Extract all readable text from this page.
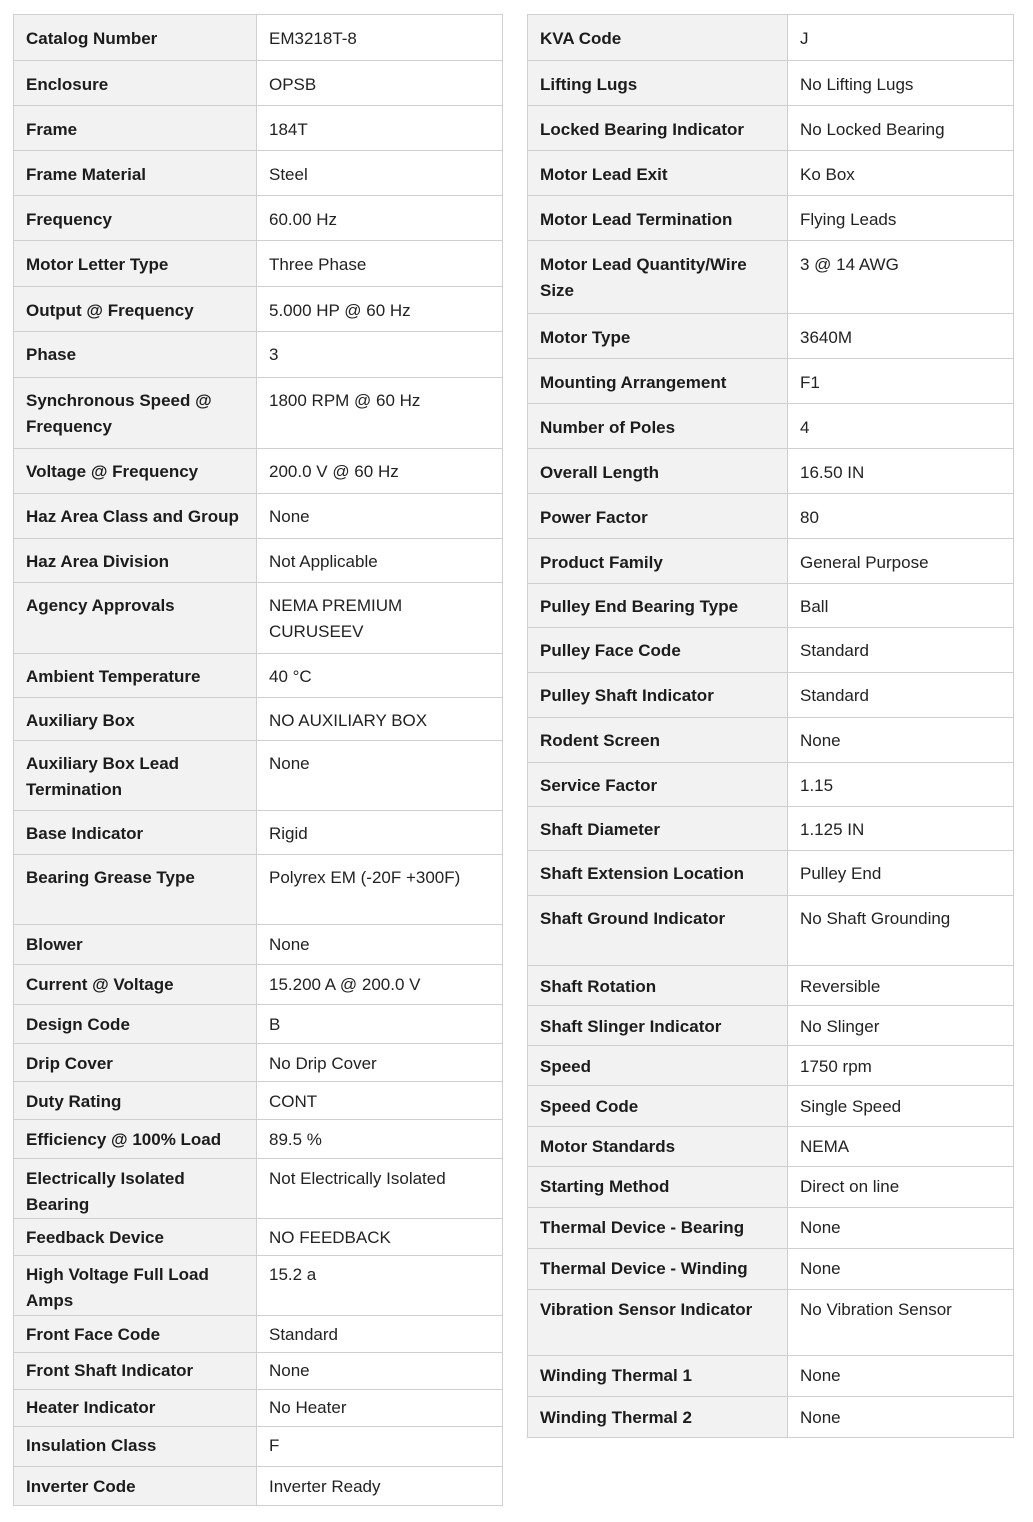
Catalog Number	EM3218T-8

Enclosure	OPSB

Frame	184T

Frame Material	Steel

Frequency	60.00 Hz

Motor Letter Type	Three Phase

Output @ Frequency	5.000 HP @ 60 Hz

Phase	3

Synchronous Speed @ Frequency	1800 RPM @ 60 Hz

Voltage @ Frequency	200.0 V @ 60 Hz

Haz Area Class and Group	None

Haz Area Division	Not Applicable

Agency Approvals	NEMA PREMIUM CURUSEEV

Ambient Temperature	40 °C

Auxiliary Box	NO AUXILIARY BOX

Auxiliary Box Lead Termination	None

Base Indicator	Rigid

Bearing Grease Type	Polyrex EM (-20F +300F)

Blower	None

Current @ Voltage	15.200 A @ 200.0 V

Design Code	B

Drip Cover	No Drip Cover

Duty Rating	CONT

Efficiency @ 100% Load	89.5 %

Electrically Isolated Bearing	Not Electrically Isolated

Feedback Device	NO FEEDBACK

High Voltage Full Load Amps	15.2 a

Front Face Code	Standard

Front Shaft Indicator	None

Heater Indicator	No Heater

Insulation Class	F

Inverter Code	Inverter Ready
KVA Code	J

Lifting Lugs	No Lifting Lugs

Locked Bearing Indicator	No Locked Bearing

Motor Lead Exit	Ko Box

Motor Lead Termination	Flying Leads

Motor Lead Quantity/Wire Size	3 @ 14 AWG

Motor Type	3640M

Mounting Arrangement	F1

Number of Poles	4

Overall Length	16.50 IN

Power Factor	80

Product Family	General Purpose

Pulley End Bearing Type	Ball

Pulley Face Code	Standard

Pulley Shaft Indicator	Standard

Rodent Screen	None

Service Factor	1.15

Shaft Diameter	1.125 IN

Shaft Extension Location	Pulley End

Shaft Ground Indicator	No Shaft Grounding

Shaft Rotation	Reversible

Shaft Slinger Indicator	No Slinger

Speed	1750 rpm

Speed Code	Single Speed

Motor Standards	NEMA

Starting Method	Direct on line

Thermal Device - Bearing	None

Thermal Device - Winding	None

Vibration Sensor Indicator	No Vibration Sensor

Winding Thermal 1	None

Winding Thermal 2	None
